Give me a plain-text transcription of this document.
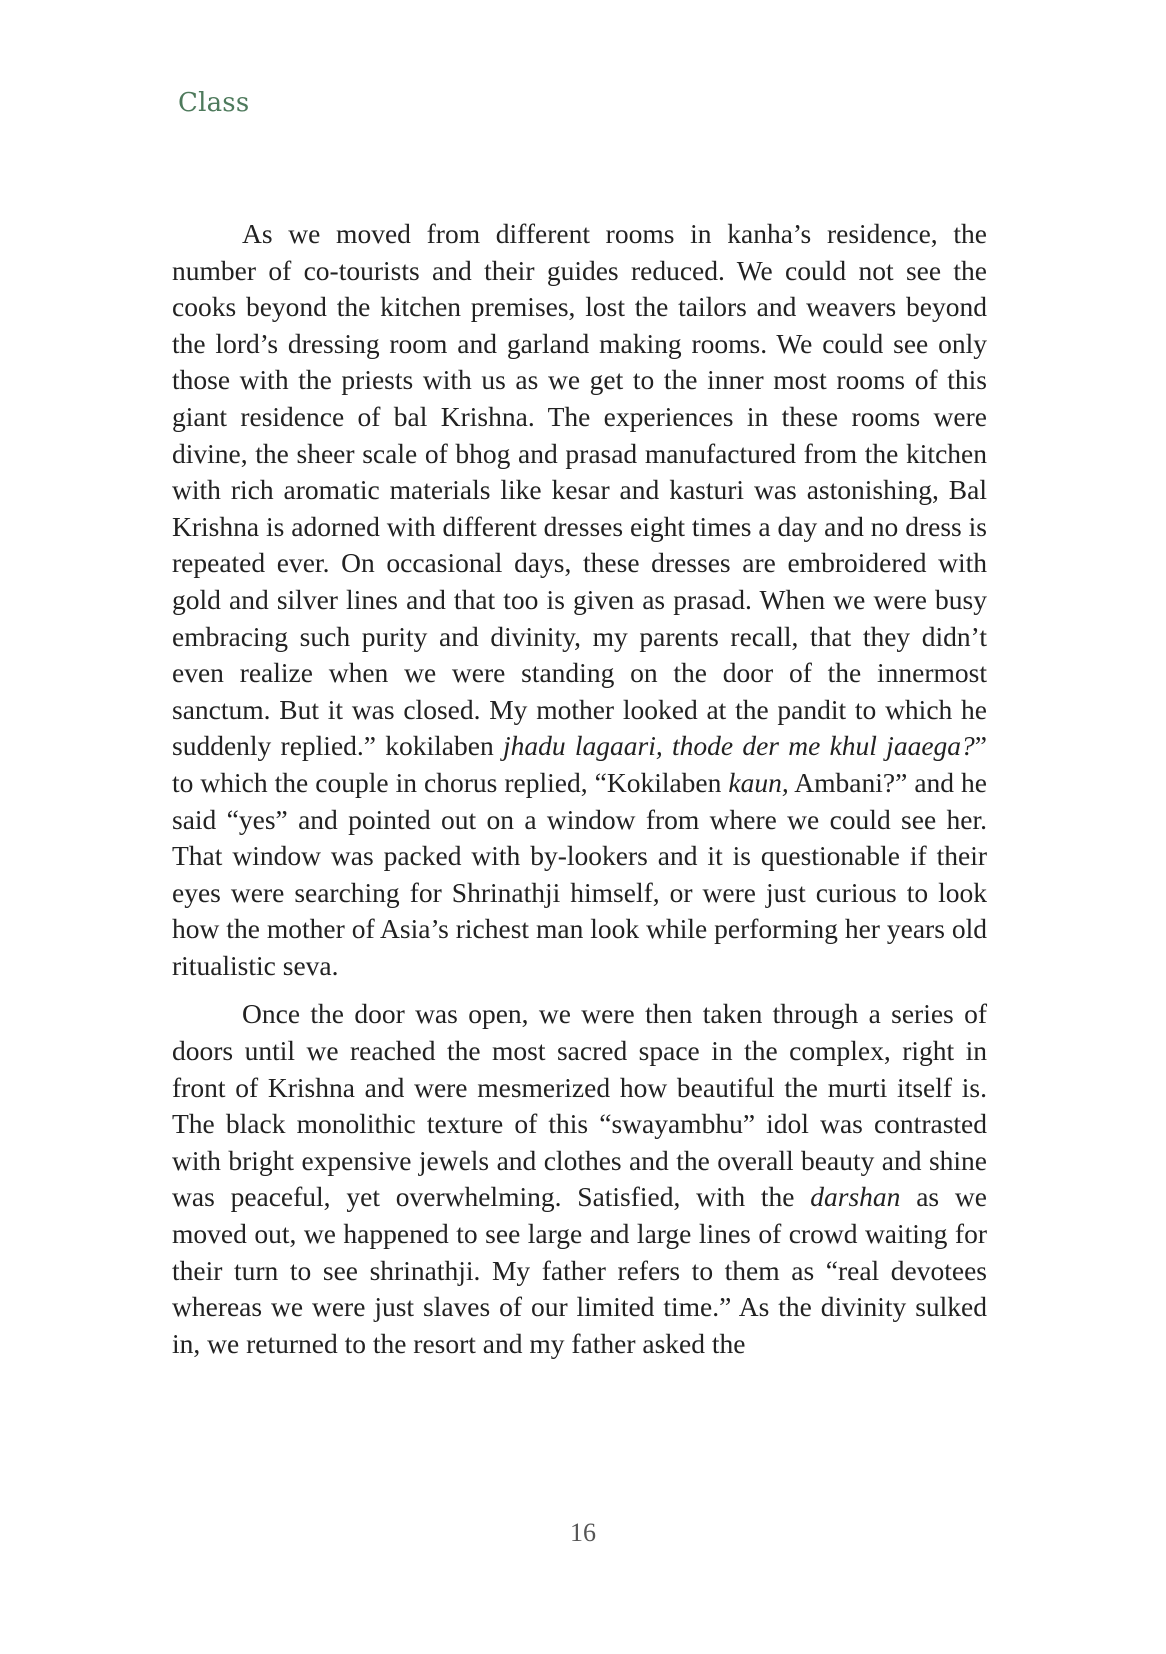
Class

As we moved from different rooms in kanha’s residence, the number of co-tourists and their guides reduced. We could not see the cooks beyond the kitchen premises, lost the tailors and weavers beyond the lord’s dressing room and garland making rooms. We could see only those with the priests with us as we get to the inner most rooms of this giant residence of bal Krishna. The experiences in these rooms were divine, the sheer scale of bhog and prasad manufactured from the kitchen with rich aromatic materials like kesar and kasturi was astonishing, Bal Krishna is adorned with different dresses eight times a day and no dress is repeated ever. On occasional days, these dresses are embroidered with gold and silver lines and that too is given as prasad. When we were busy embracing such purity and divinity, my parents recall, that they didn’t even realize when we were standing on the door of the innermost sanctum. But it was closed. My mother looked at the pandit to which he suddenly replied.” kokilaben jhadu lagaari, thode der me khul jaaega?” to which the couple in chorus replied, “Kokilaben kaun, Ambani?” and he said “yes” and pointed out on a window from where we could see her. That window was packed with by-lookers and it is questionable if their eyes were searching for Shrinathji himself, or were just curious to look how the mother of Asia’s richest man look while performing her years old ritualistic seva.

Once the door was open, we were then taken through a series of doors until we reached the most sacred space in the complex, right in front of Krishna and were mesmerized how beautiful the murti itself is. The black monolithic texture of this “swayambhu” idol was contrasted with bright expensive jewels and clothes and the overall beauty and shine was peaceful, yet overwhelming. Satisfied, with the darshan as we moved out, we happened to see large and large lines of crowd waiting for their turn to see shrinathji. My father refers to them as “real devotees whereas we were just slaves of our limited time.” As the divinity sulked in, we returned to the resort and my father asked the

16
